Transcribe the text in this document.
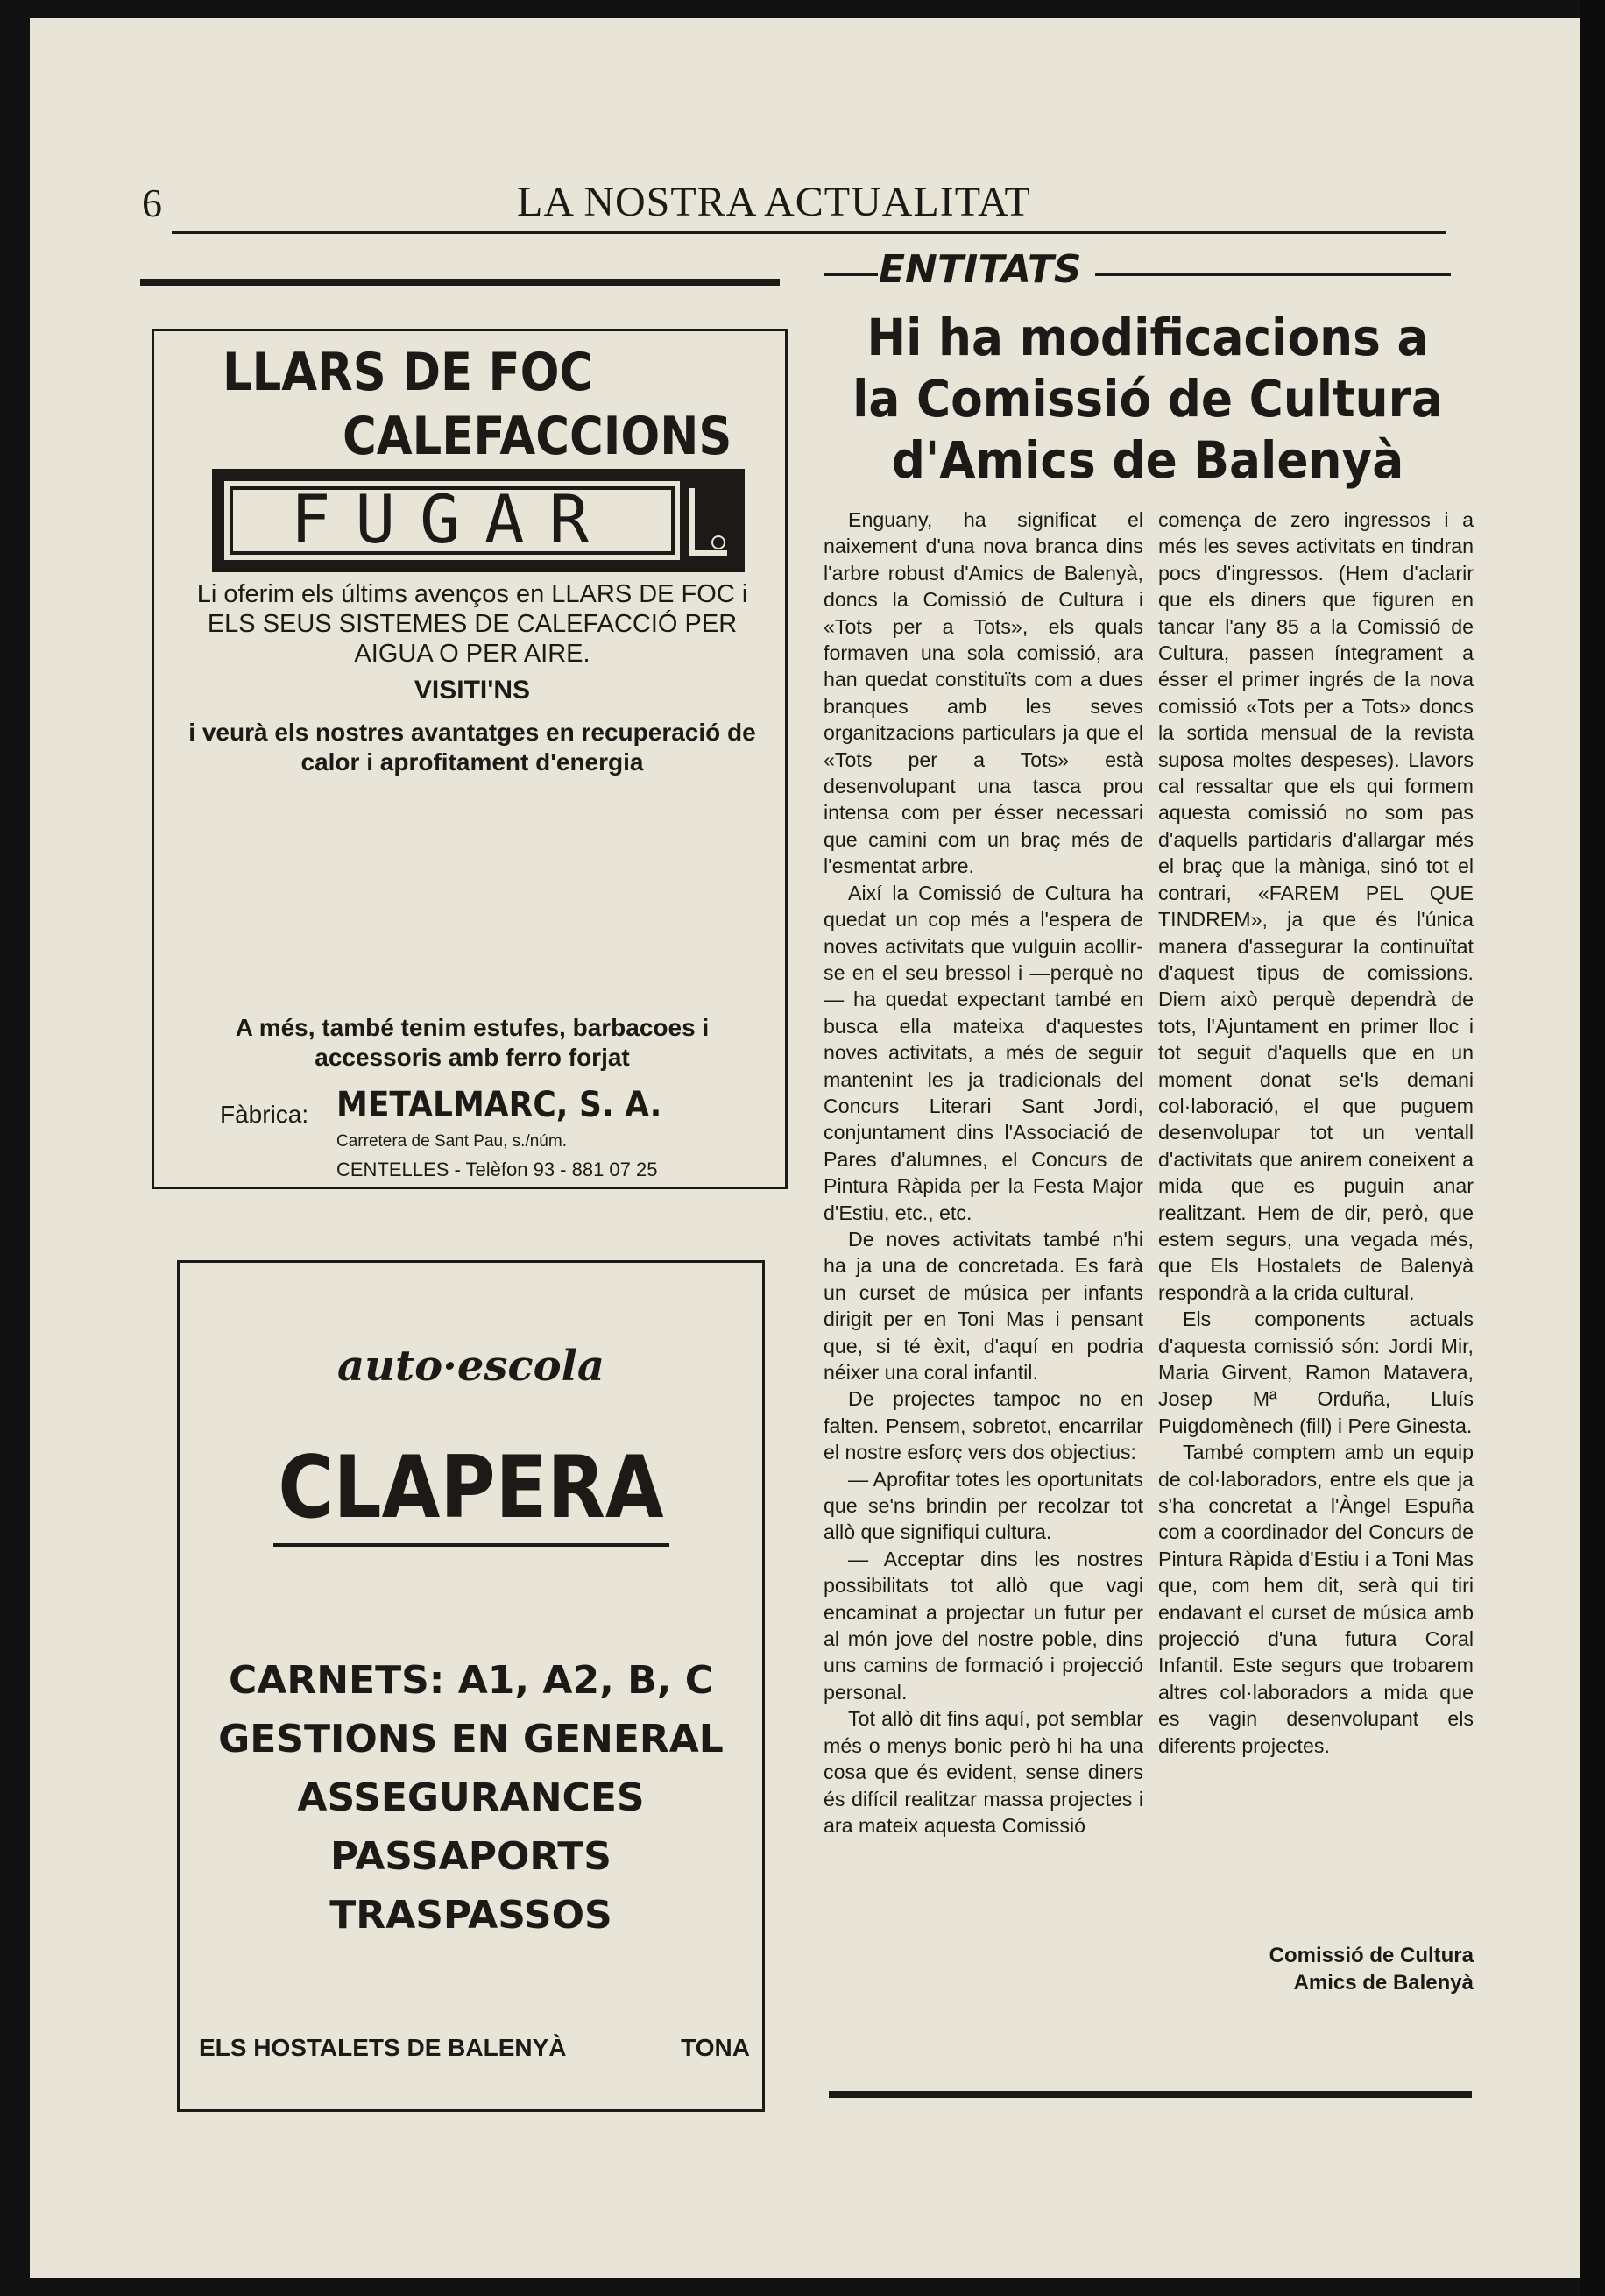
6	LA NOSTRA ACTUALITAT
ENTITATS
Hi ha modificacions a la Comissió de Cultura d'Amics de Balenyà
LLARS DE FOC
CALEFACCIONS
FUGAR
Li oferim els últims avenços en LLARS DE FOC i ELS SEUS SISTEMES DE CALEFACCIÓ PER AIGUA O PER AIRE.
VISITI'NS
i veurà els nostres avantatges en recuperació de calor i aprofitament d'energia
A més, també tenim estufes, barbacoes i accessoris amb ferro forjat
Fàbrica: METALMARC, S. A.
Carretera de Sant Pau, s./núm.
CENTELLES - Telèfon 93 - 881 07 25
auto·escola
CLAPERA
CARNETS: A1, A2, B, C
GESTIONS EN GENERAL
ASSEGURANCES
PASSAPORTS
TRASPASSOS
ELS HOSTALETS DE BALENYÀ	TONA

Enguany, ha significat el naixement d'una nova branca dins l'arbre robust d'Amics de Balenyà, doncs la Comissió de Cultura i «Tots per a Tots», els quals formaven una sola comissió, ara han quedat constituïts com a dues branques amb les seves organitzacions particulars ja que el «Tots per a Tots» està desenvolupant una tasca prou intensa com per ésser necessari que camini com un braç més de l'esmentat arbre.

Així la Comissió de Cultura ha quedat un cop més a l'espera de noves activitats que vulguin acollir-se en el seu bressol i —perquè no— ha quedat expectant també en busca ella mateixa d'aquestes noves activitats, a més de seguir mantenint les ja tradicionals del Concurs Literari Sant Jordi, conjuntament dins l'Associació de Pares d'alumnes, el Concurs de Pintura Ràpida per la Festa Major d'Estiu, etc., etc.

De noves activitats també n'hi ha ja una de concretada. Es farà un curset de música per infants dirigit per en Toni Mas i pensant que, si té èxit, d'aquí en podria néixer una coral infantil.

De projectes tampoc no en falten. Pensem, sobretot, encarrilar el nostre esforç vers dos objectius:

— Aprofitar totes les oportunitats que se'ns brindin per recolzar tot allò que signifiqui cultura.

— Acceptar dins les nostres possibilitats tot allò que vagi encaminat a projectar un futur per al món jove del nostre poble, dins uns camins de formació i projecció personal.

Tot allò dit fins aquí, pot semblar més o menys bonic però hi ha una cosa que és evident, sense diners és difícil realitzar massa projectes i ara mateix aquesta Comissió

comença de zero ingressos i a més les seves activitats en tindran pocs d'ingressos. (Hem d'aclarir que els diners que figuren en tancar l'any 85 a la Comissió de Cultura, passen íntegrament a ésser el primer ingrés de la nova comissió «Tots per a Tots» doncs la sortida mensual de la revista suposa moltes despeses). Llavors cal ressaltar que els qui formem aquesta comissió no som pas d'aquells partidaris d'allargar més el braç que la màniga, sinó tot el contrari, «FAREM PEL QUE TINDREM», ja que és l'única manera d'assegurar la continuïtat d'aquest tipus de comissions. Diem això perquè dependrà de tots, l'Ajuntament en primer lloc i tot seguit d'aquells que en un moment donat se'ls demani col·laboració, el que puguem desenvolupar tot un ventall d'activitats que anirem coneixent a mida que es puguin anar realitzant. Hem de dir, però, que estem segurs, una vegada més, que Els Hostalets de Balenyà respondrà a la crida cultural.

Els components actuals d'aquesta comissió són: Jordi Mir, Maria Girvent, Ramon Matavera, Josep Mª Orduña, Lluís Puigdomènech (fill) i Pere Ginesta.

També comptem amb un equip de col·laboradors, entre els que ja s'ha concretat a l'Àngel Espuña com a coordinador del Concurs de Pintura Ràpida d'Estiu i a Toni Mas que, com hem dit, serà qui tiri endavant el curset de música amb projecció d'una futura Coral Infantil. Este segurs que trobarem altres col·laboradors a mida que es vagin desenvolupant els diferents projectes.

Comissió de Cultura
Amics de Balenyà
